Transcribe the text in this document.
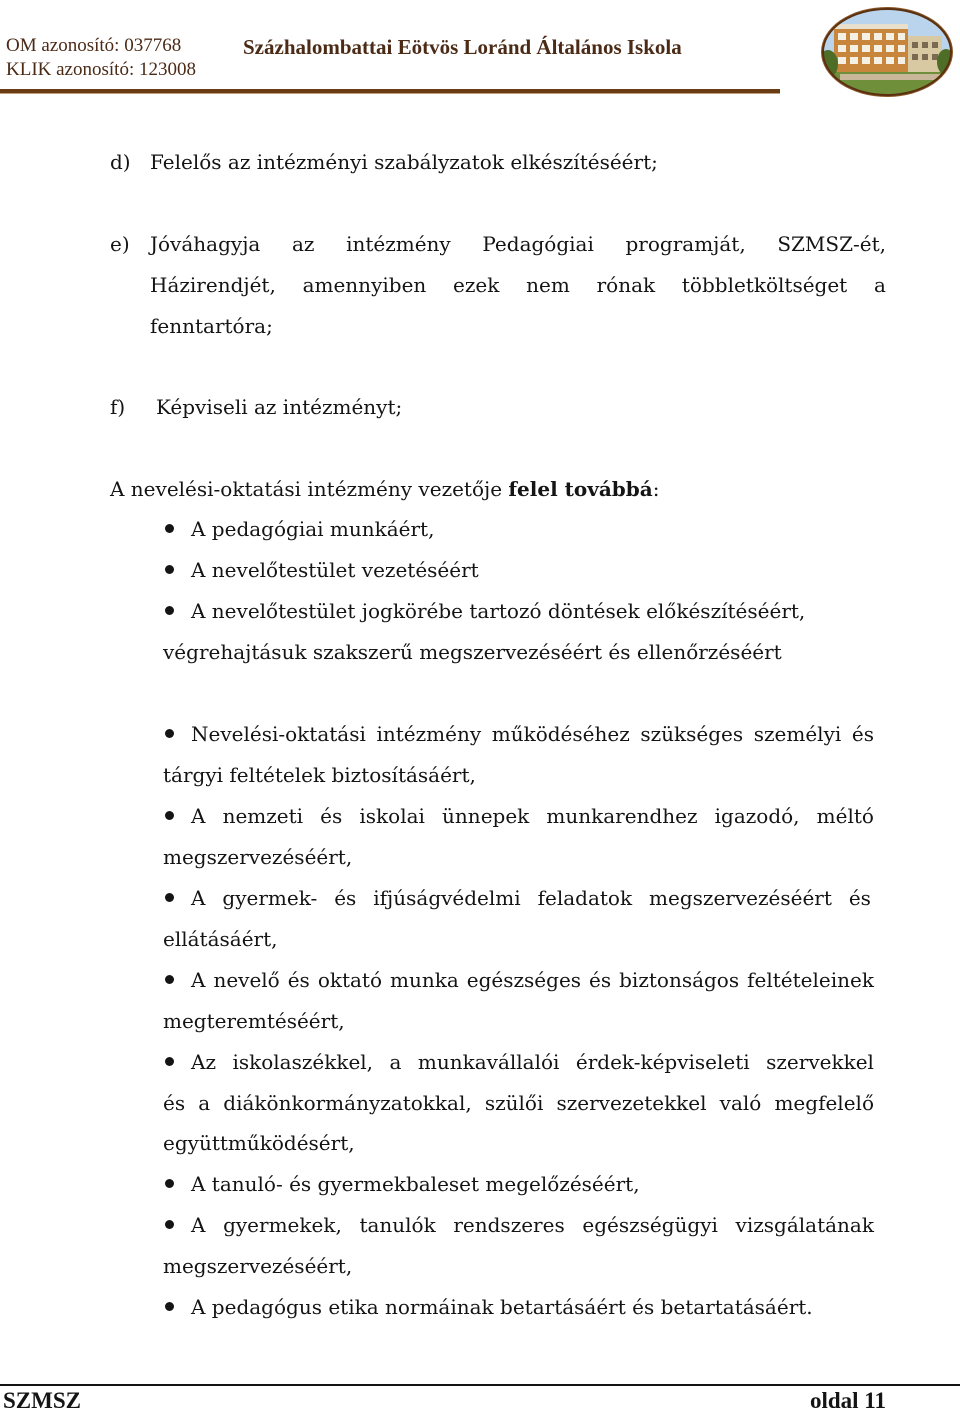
OM azonosító: 037768
KLIK azonosító: 123008
Százhalombattai Eötvös Loránd Általános Iskola
d) Felelős az intézményi szabályzatok elkészítéséért;
e) Jóváhagyja az intézmény Pedagógiai programját, SZMSZ-ét,
Házirendjét, amennyiben ezek nem rónak többletköltséget a
fenntartóra;
f) Képviseli az intézményt;
A nevelési-oktatási intézmény vezetője felel továbbá:
A pedagógiai munkáért,
A nevelőtestület vezetéséért
A nevelőtestület jogkörébe tartozó döntések előkészítéséért,
végrehajtásuk szakszerű megszervezéséért és ellenőrzéséért
Nevelési-oktatási intézmény működéséhez szükséges személyi és
tárgyi feltételek biztosításáért,
A nemzeti és iskolai ünnepek munkarendhez igazodó, méltó
megszervezéséért,
A gyermek- és ifjúságvédelmi feladatok megszervezéséért és
ellátásáért,
A nevelő és oktató munka egészséges és biztonságos feltételeinek
megteremtéséért,
Az iskolaszékkel, a munkavállalói érdek-képviseleti szervekkel
és a diákönkormányzatokkal, szülői szervezetekkel való megfelelő
együttműködésért,
A tanuló- és gyermekbaleset megelőzéséért,
A gyermekek, tanulók rendszeres egészségügyi vizsgálatának
megszervezéséért,
A pedagógus etika normáinak betartásáért és betartatásáért.
SZMSZ	oldal 11
